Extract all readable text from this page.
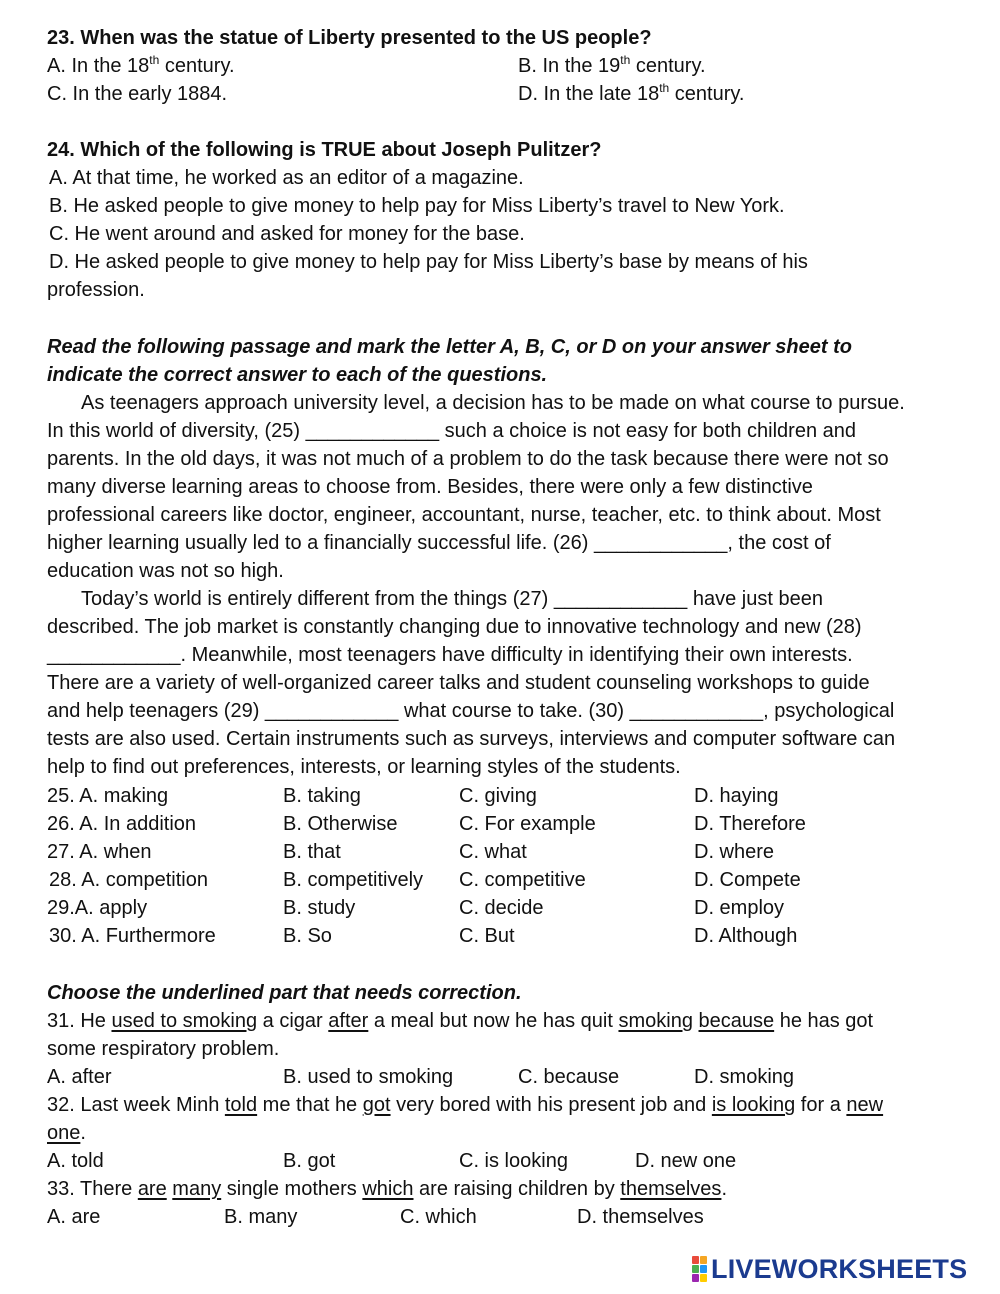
23. When was the statue of Liberty presented to the US people?
A. In the 18th century.	B. In the 19th century.
C. In the early 1884.	D. In the late 18th century.
24. Which of the following is TRUE about Joseph Pulitzer?
A. At that time, he worked as an editor of a magazine.
B. He asked people to give money to help pay for Miss Liberty’s travel to New York.
C. He went around and asked for money for the base.
D. He asked people to give money to help pay for Miss Liberty’s base by means of his
profession.
Read the following passage and mark the letter A, B, C, or D on your answer sheet to
indicate the correct answer to each of the questions.
As teenagers approach university level, a decision has to be made on what course to pursue.
In this world of diversity, (25) ____________ such a choice is not easy for both children and
parents. In the old days, it was not much of a problem to do the task because there were not so
many diverse learning areas to choose from. Besides, there were only a few distinctive
professional careers like doctor, engineer, accountant, nurse, teacher, etc. to think about. Most
higher learning usually led to a financially successful life. (26) ____________, the cost of
education was not so high.
Today’s world is entirely different from the things (27) ____________ have just been
described. The job market is constantly changing due to innovative technology and new (28)
____________. Meanwhile, most teenagers have difficulty in identifying their own interests.
There are a variety of well-organized career talks and student counseling workshops to guide
and help teenagers (29) ____________ what course to take. (30) ____________, psychological
tests are also used. Certain instruments such as surveys, interviews and computer software can
help to find out preferences, interests, or learning styles of the students.
25. A. making	B. taking	C. giving	D. haying
26. A. In addition	B. Otherwise	C. For example	D. Therefore
27. A. when	B. that	C. what	D. where
28. A. competition	B. competitively C. competitive	D. Compete
29.A. apply	B. study	C. decide	D. employ
30. A. Furthermore	B. So	C. But	D. Although
Choose the underlined part that needs correction.
31. He used to smoking a cigar after a meal but now he has quit smoking because he has got
some respiratory problem.
A. after	B. used to smoking	C. because	D. smoking
32. Last week Minh told me that he got very bored with his present job and is looking for a new
one.
A. told	B. got	C. is looking	D. new one
33. There are many single mothers which are raising children by themselves.
A. are	B. many	C. which	D. themselves
LIVEWORKSHEETS
